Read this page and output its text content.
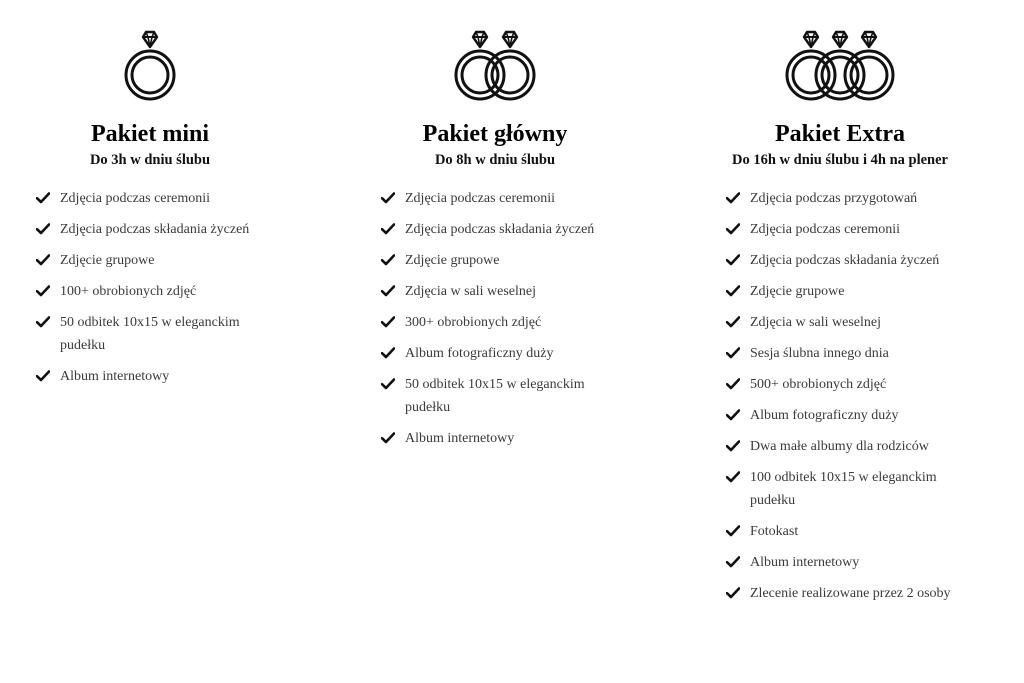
Pakiet mini
Do 3h w dniu ślubu
Zdjęcia podczas ceremonii
Zdjęcia podczas składania życzeń
Zdjęcie grupowe
100+ obrobionych zdjęć
50 odbitek 10x15 w eleganckim pudełku
Album internetowy
Pakiet główny
Do 8h w dniu ślubu
Zdjęcia podczas ceremonii
Zdjęcia podczas składania życzeń
Zdjęcie grupowe
Zdjęcia w sali weselnej
300+ obrobionych zdjęć
Album fotograficzny duży
50 odbitek 10x15 w eleganckim pudełku
Album internetowy
Pakiet Extra
Do 16h w dniu ślubu i 4h na plener
Zdjęcia podczas przygotowań
Zdjęcia podczas ceremonii
Zdjęcia podczas składania życzeń
Zdjęcie grupowe
Zdjęcia w sali weselnej
Sesja ślubna innego dnia
500+ obrobionych zdjęć
Album fotograficzny duży
Dwa małe albumy dla rodziców
100 odbitek 10x15 w eleganckim pudełku
Fotokast
Album internetowy
Zlecenie realizowane przez 2 osoby
